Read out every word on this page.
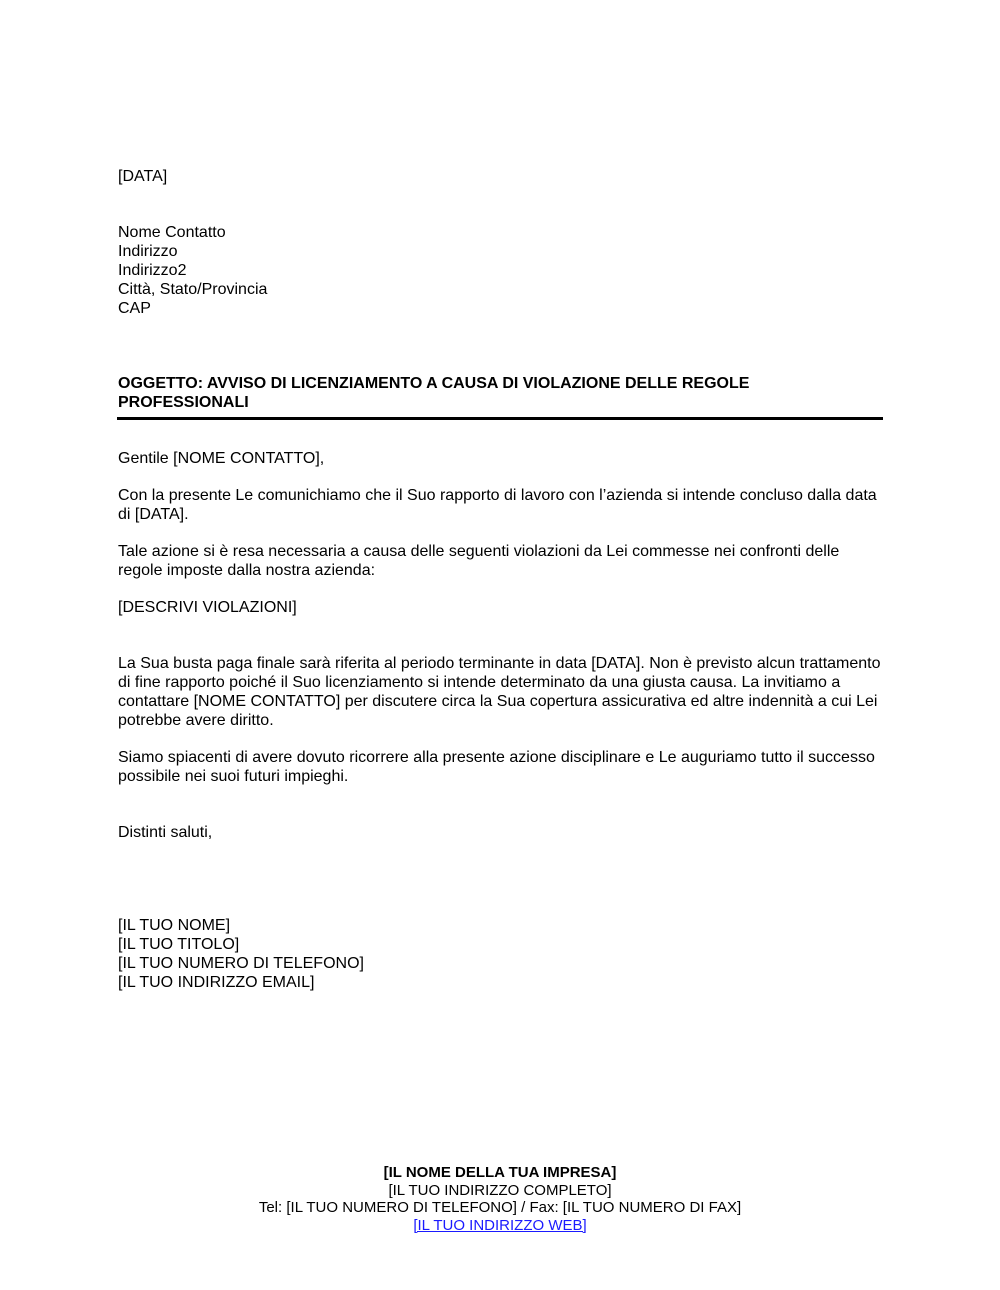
[DATA]
Nome Contatto
Indirizzo
Indirizzo2
Città, Stato/Provincia
CAP
OGGETTO: AVVISO DI LICENZIAMENTO A CAUSA DI VIOLAZIONE DELLE REGOLE PROFESSIONALI
Gentile [NOME CONTATTO],
Con la presente Le comunichiamo che il Suo rapporto di lavoro con l’azienda si intende concluso dalla data di [DATA].
Tale azione si è resa necessaria a causa delle seguenti violazioni da Lei commesse nei confronti delle regole imposte dalla nostra azienda:
[DESCRIVI VIOLAZIONI]
La Sua busta paga finale sarà riferita al periodo terminante in data [DATA]. Non è previsto alcun trattamento di fine rapporto poiché il Suo licenziamento si intende determinato da una giusta causa. La invitiamo a contattare [NOME CONTATTO] per discutere circa la Sua copertura assicurativa ed altre indennità a cui Lei potrebbe avere diritto.
Siamo spiacenti di avere dovuto ricorrere alla presente azione disciplinare e Le auguriamo tutto il successo possibile nei suoi futuri impieghi.
Distinti saluti,
[IL TUO NOME]
[IL TUO TITOLO]
[IL TUO NUMERO DI TELEFONO]
[IL TUO INDIRIZZO EMAIL]
[IL NOME DELLA TUA IMPRESA]
[IL TUO INDIRIZZO COMPLETO]
Tel: [IL TUO NUMERO DI TELEFONO] / Fax: [IL TUO NUMERO DI FAX]
[IL TUO INDIRIZZO WEB]
